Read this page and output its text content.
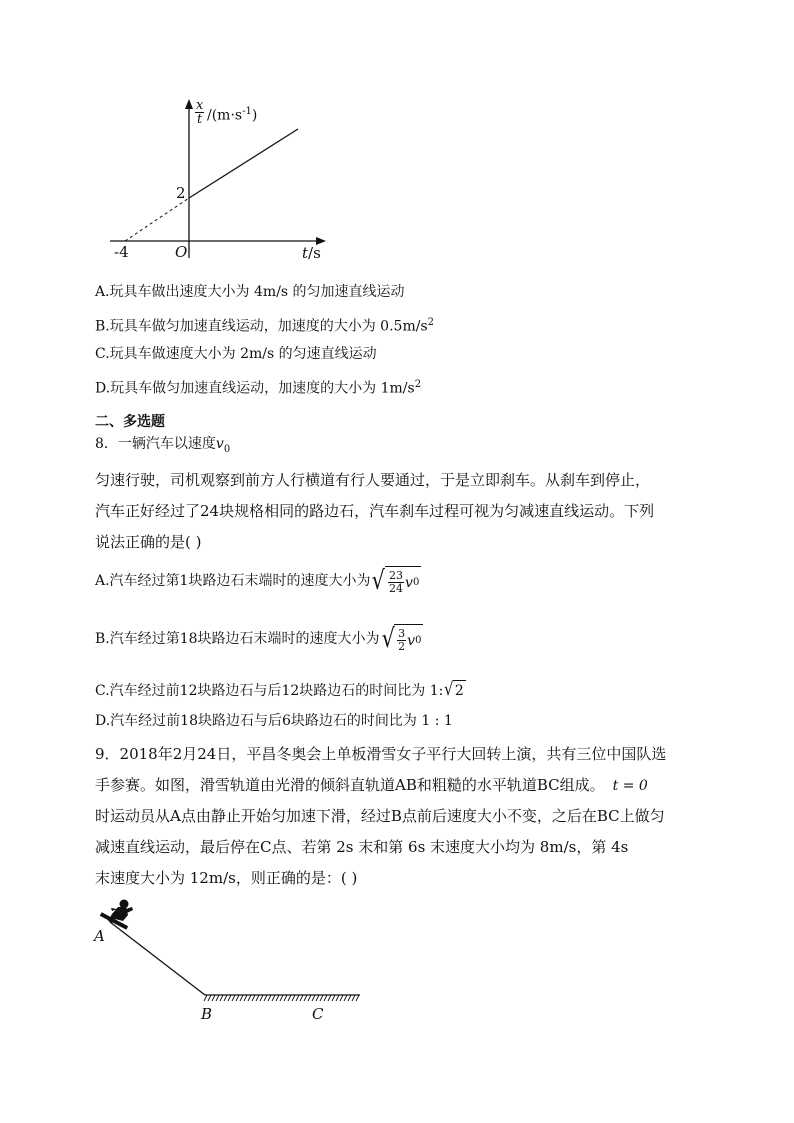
$\frac{x}{t} /(m\cdot s^{-1})$
2
O
-4	t/s
A.玩具车做出速度大小为 4m/s 的匀加速直线运动
B.玩具车做匀加速直线运动，加速度的大小为 $0.5m/s^2$
C.玩具车做速度大小为 2m/s 的匀速直线运动
D.玩具车做匀加速直线运动，加速度的大小为 $1m/s^2$
二、多选题
8．一辆汽车以速度$v_0$
匀速行驶，司机观察到前方人行横道有行人要通过，于是立即刹车。从刹车到停止，
汽车正好经过了24块规格相同的路边石，汽车刹车过程可视为匀减速直线运动。下列
说法正确的是( )
A.汽车经过第1块路边石末端时的速度大小为 √ $\frac{23}{24}$ v 0
B.汽车经过第18块路边石末端时的速度大小为 √ $\frac{3}{2}$ v 0
C.汽车经过前12块路边石与后12块路边石的时间比为 1: √ 2
D.汽车经过前18块路边石与后6块路边石的时间比为 1 : 1
9．2018年2月24日，平昌冬奥会上单板滑雪女子平行大回转上演，共有三位中国队选
手参赛。如图，滑雪轨道由光滑的倾斜直轨道AB和粗糙的水平轨道BC组成。 t = 0
时运动员从A点由静止开始匀加速下滑，经过B点前后速度大小不变，之后在BC上做匀
减速直线运动，最后停在C点、若第 2s 末和第 6s 末速度大小均为 8m/s，第 4s
末速度大小为 12m/s，则正确的是：( )
A
B	C
